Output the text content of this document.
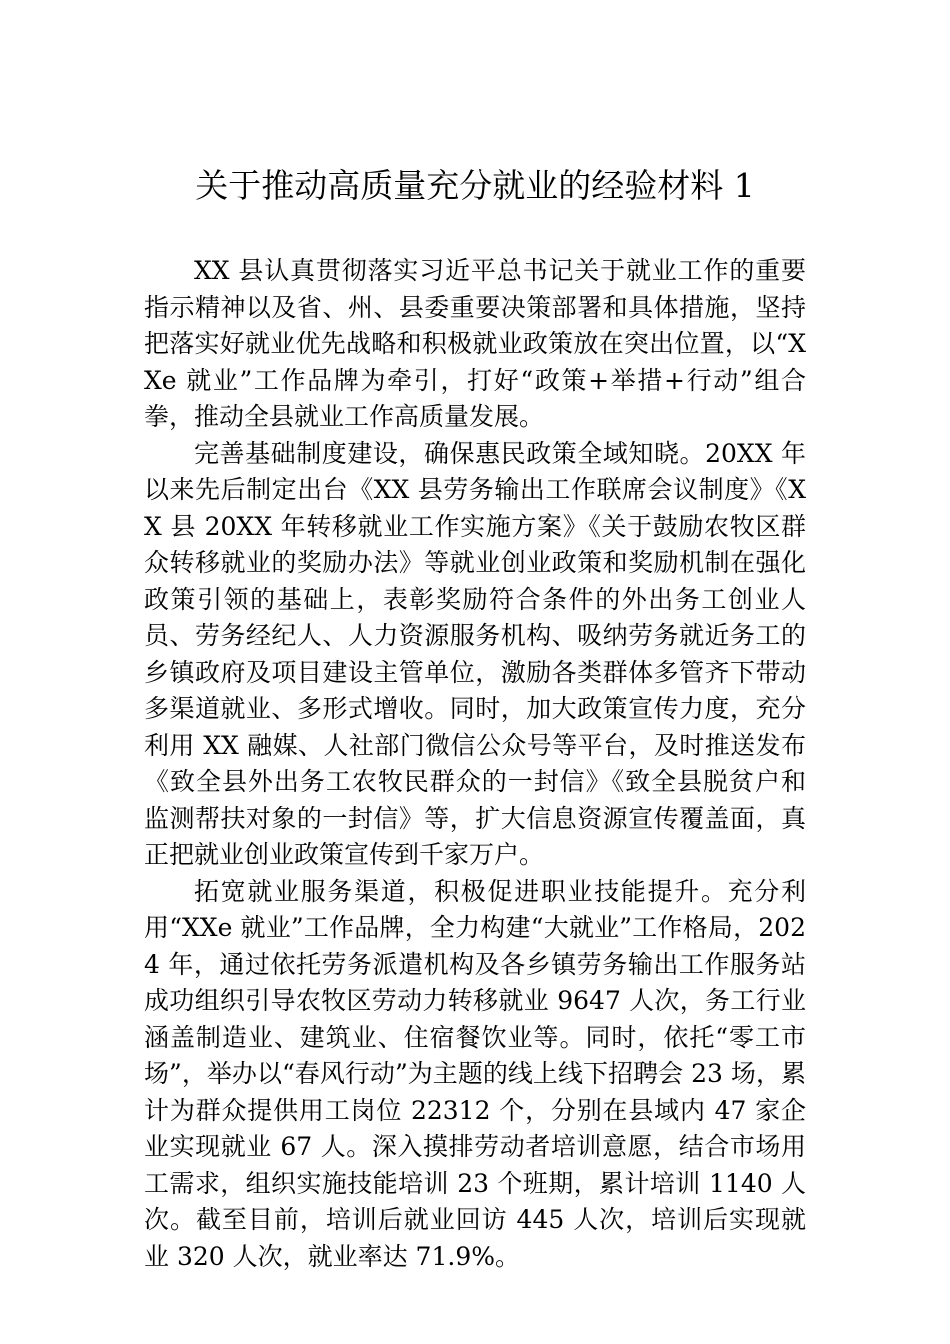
关于推动高质量充分就业的经验材料 1

XX 县认真贯彻落实习近平总书记关于就业工作的重要指示精神以及省、州、县委重要决策部署和具体措施，坚持把落实好就业优先战略和积极就业政策放在突出位置，以“XXe 就业”工作品牌为牵引，打好“政策+举措+行动”组合拳，推动全县就业工作高质量发展。

完善基础制度建设，确保惠民政策全域知晓。20XX 年以来先后制定出台《XX 县劳务输出工作联席会议制度》《XX 县 20XX 年转移就业工作实施方案》《关于鼓励农牧区群众转移就业的奖励办法》等就业创业政策和奖励机制在强化政策引领的基础上，表彰奖励符合条件的外出务工创业人员、劳务经纪人、人力资源服务机构、吸纳劳务就近务工的乡镇政府及项目建设主管单位，激励各类群体多管齐下带动多渠道就业、多形式增收。同时，加大政策宣传力度，充分利用 XX 融媒、人社部门微信公众号等平台，及时推送发布《致全县外出务工农牧民群众的一封信》《致全县脱贫户和监测帮扶对象的一封信》等，扩大信息资源宣传覆盖面，真正把就业创业政策宣传到千家万户。

拓宽就业服务渠道，积极促进职业技能提升。充分利用“XXe 就业”工作品牌，全力构建“大就业”工作格局，2024 年，通过依托劳务派遣机构及各乡镇劳务输出工作服务站成功组织引导农牧区劳动力转移就业 9647 人次，务工行业涵盖制造业、建筑业、住宿餐饮业等。同时，依托“零工市场”，举办以“春风行动”为主题的线上线下招聘会 23 场，累计为群众提供用工岗位 22312 个，分别在县域内 47 家企业实现就业 67 人。深入摸排劳动者培训意愿，结合市场用工需求，组织实施技能培训 23 个班期，累计培训 1140 人次。截至目前，培训后就业回访 445 人次，培训后实现就业 320 人次，就业率达 71.9%。
